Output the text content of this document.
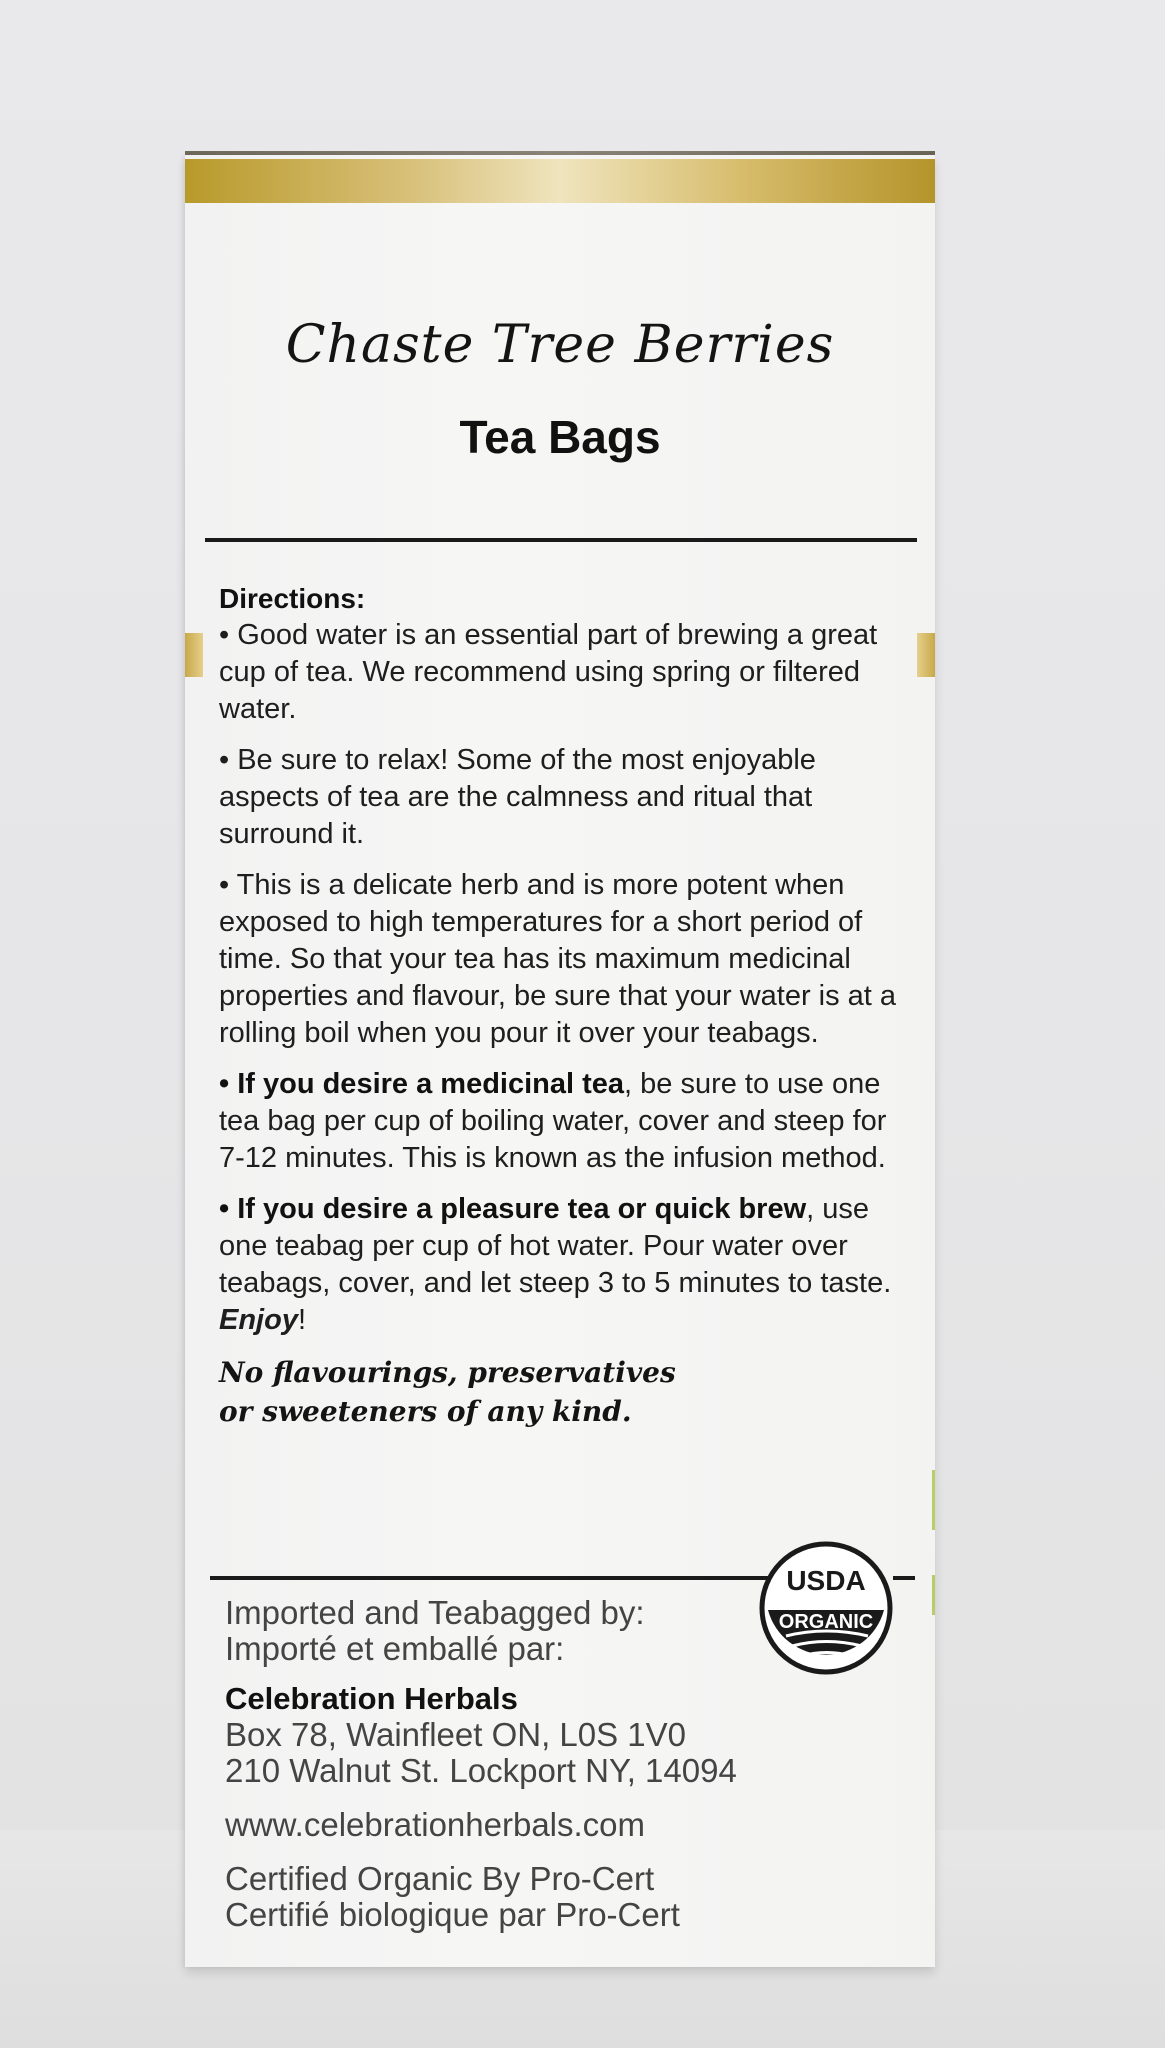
Chaste Tree Berries
Tea Bags
Directions:

• Good water is an essential part of brewing a great cup of tea. We recommend using spring or filtered water.

• Be sure to relax! Some of the most enjoyable aspects of tea are the calmness and ritual that surround it.

• This is a delicate herb and is more potent when exposed to high temperatures for a short period of time. So that your tea has its maximum medicinal properties and flavour, be sure that your water is at a rolling boil when you pour it over your teabags.

• If you desire a medicinal tea, be sure to use one tea bag per cup of boiling water, cover and steep for 7-12 minutes. This is known as the infusion method.

• If you desire a pleasure tea or quick brew, use one teabag per cup of hot water. Pour water over teabags, cover, and let steep 3 to 5 minutes to taste. Enjoy!

No flavourings, preservatives
or sweeteners of any kind.
Imported and Teabagged by:
Importé et emballé par:
Celebration Herbals
Box 78, Wainfleet ON, L0S 1V0
210 Walnut St. Lockport NY, 14094
www.celebrationherbals.com
Certified Organic By Pro-Cert
Certifié biologique par Pro-Cert
USDA
ORGANIC
